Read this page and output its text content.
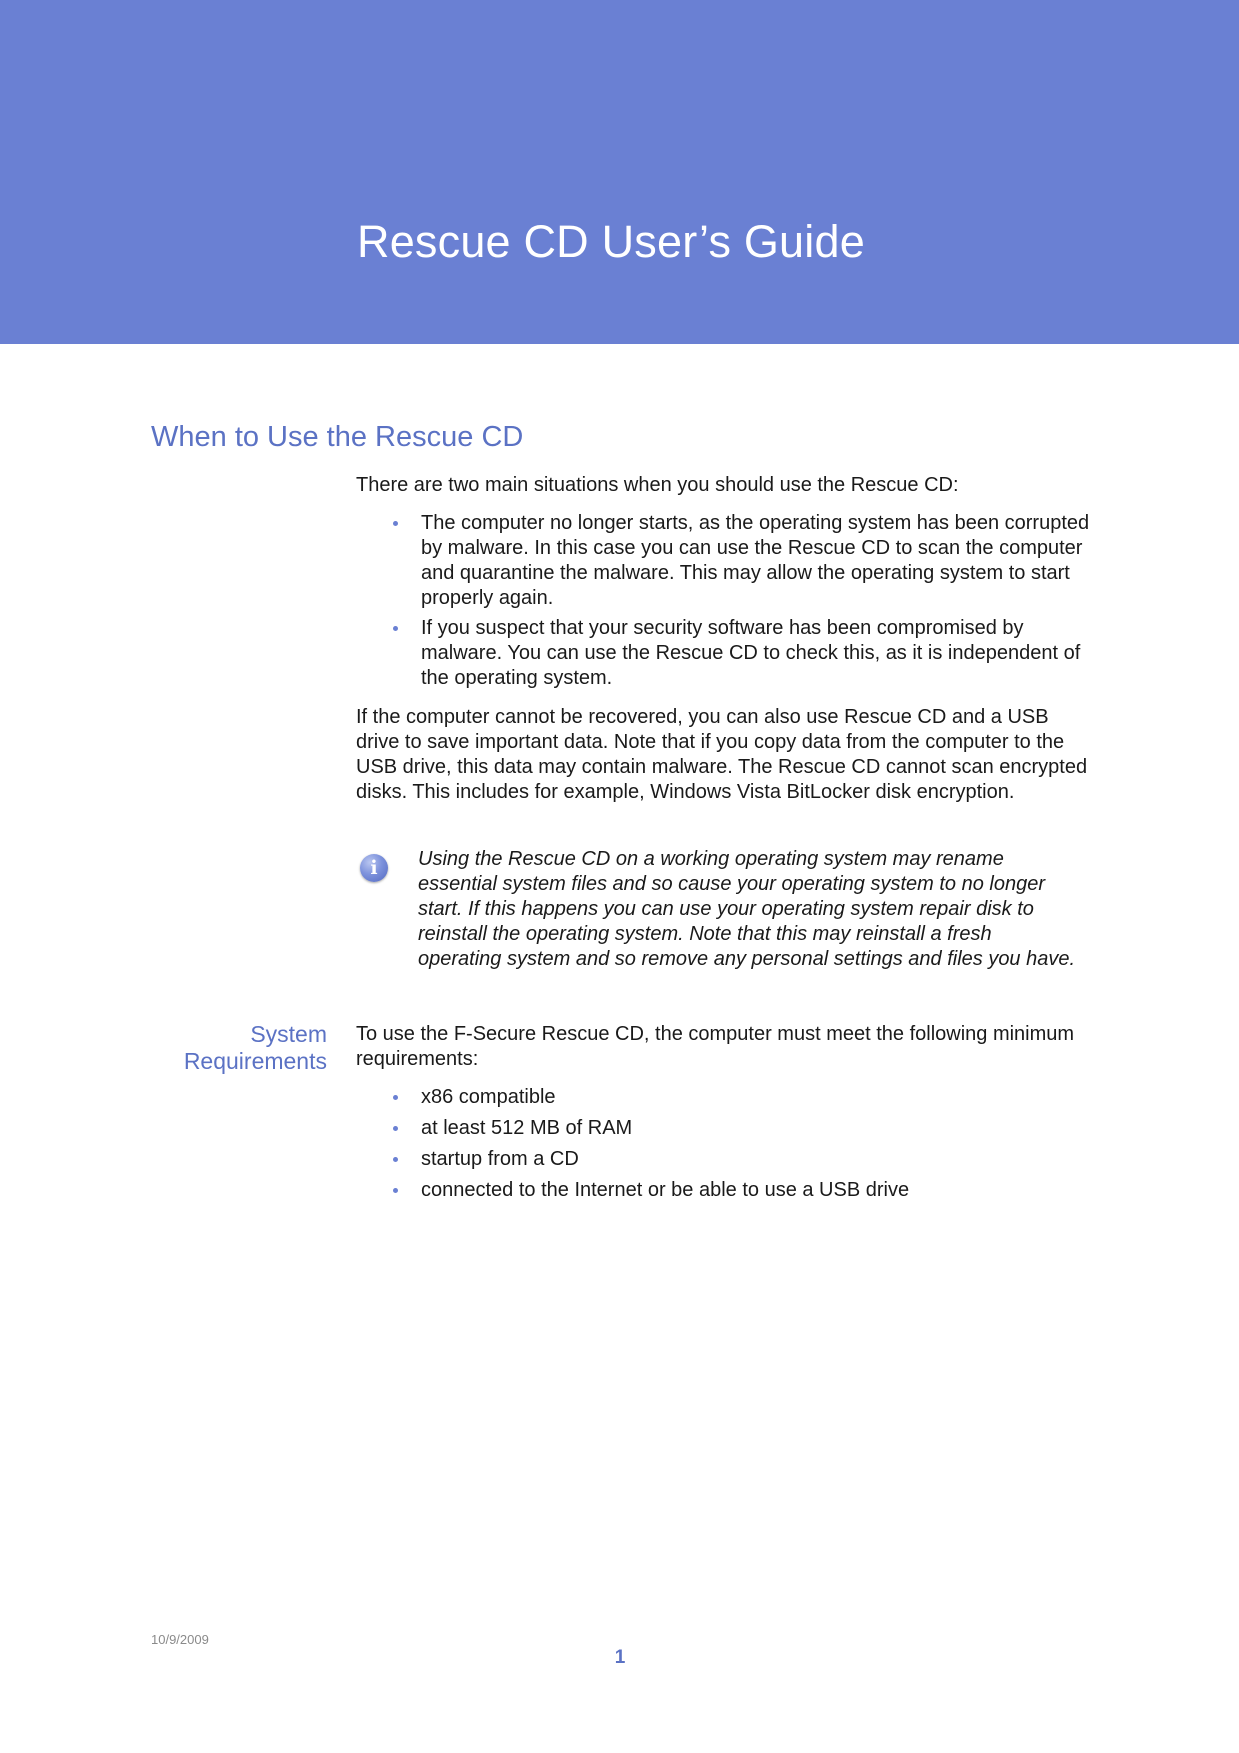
Rescue CD User’s Guide
When to Use the Rescue CD

There are two main situations when you should use the Rescue CD:

The computer no longer starts, as the operating system has been corrupted by malware. In this case you can use the Rescue CD to scan the computer and quarantine the malware. This may allow the operating system to start properly again.
If you suspect that your security software has been compromised by malware. You can use the Rescue CD to check this, as it is independent of the operating system.

If the computer cannot be recovered, you can also use Rescue CD and a USB drive to save important data. Note that if you copy data from the computer to the USB drive, this data may contain malware. The Rescue CD cannot scan encrypted disks. This includes for example, Windows Vista BitLocker disk encryption.

i	Using the Rescue CD on a working operating system may rename essential system files and so cause your operating system to no longer start. If this happens you can use your operating system repair disk to reinstall the operating system. Note that this may reinstall a fresh operating system and so remove any personal settings and files you have.
System
Requirements

To use the F-Secure Rescue CD, the computer must meet the following minimum requirements:

x86 compatible
at least 512 MB of RAM
startup from a CD
connected to the Internet or be able to use a USB drive
10/9/2009
1
